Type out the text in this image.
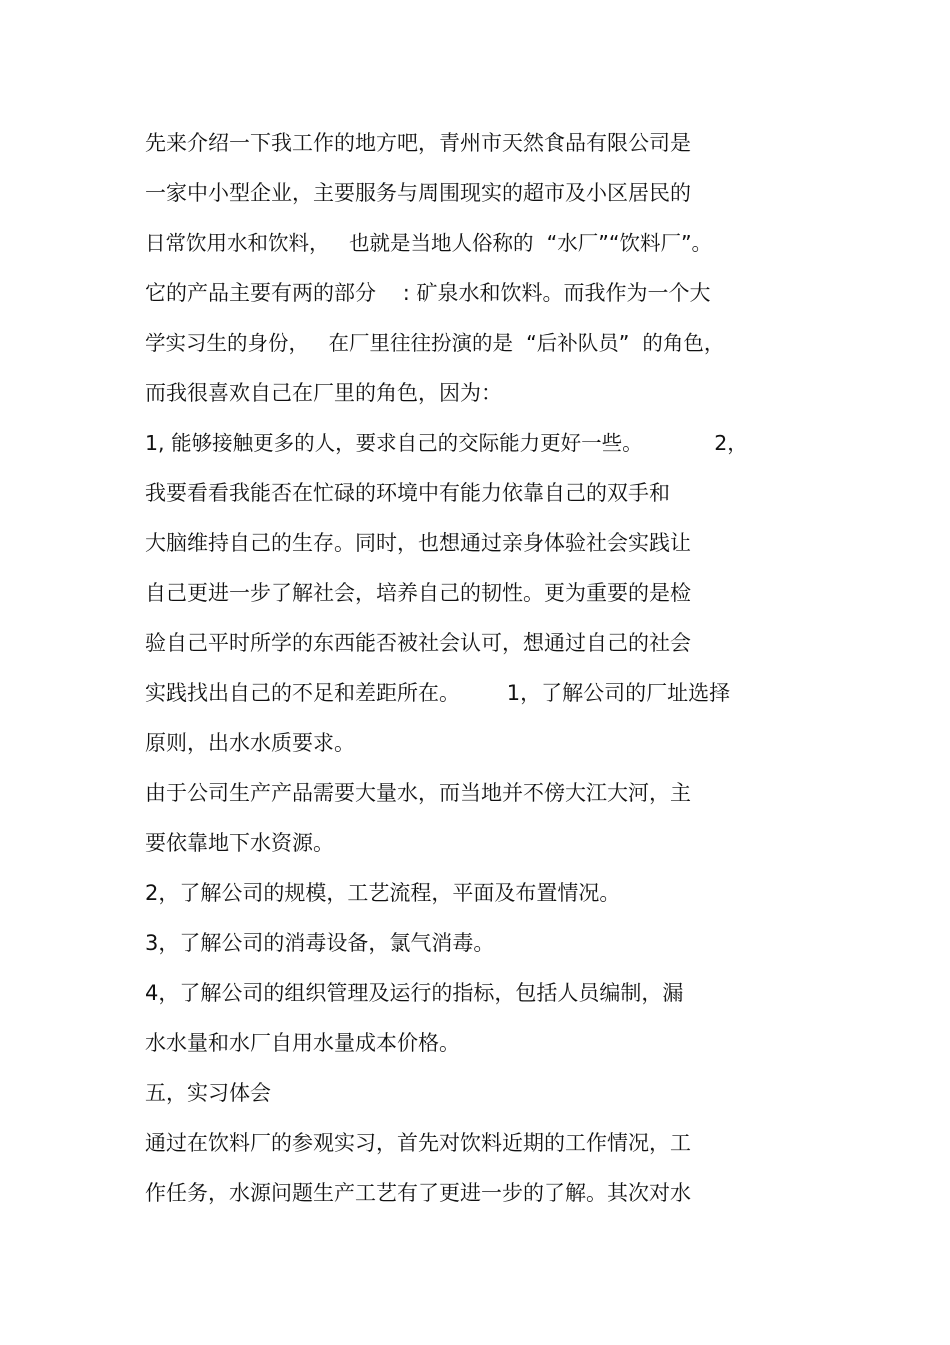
先来介绍一下我工作的地方吧，青州市天然食品有限公司是
一家中小型企业，主要服务与周围现实的超市及小区居民的
日常饮用水和饮料，   也就是当地人俗称的  “水厂”“饮料厂”。
它的产品主要有两的部分    : 矿泉水和饮料。而我作为一个大
学实习生的身份，   在厂里往往扮演的是  “后补队员”  的角色，
而我很喜欢自己在厂里的角色，因为：
1, 能够接触更多的人，要求自己的交际能力更好一些。           2，
我要看看我能否在忙碌的环境中有能力依靠自己的双手和
大脑维持自己的生存。同时，也想通过亲身体验社会实践让
自己更进一步了解社会，培养自己的韧性。更为重要的是检
验自己平时所学的东西能否被社会认可，想通过自己的社会
实践找出自己的不足和差距所在。       1，了解公司的厂址选择
原则，出水水质要求。
由于公司生产产品需要大量水，而当地并不傍大江大河，主
要依靠地下水资源。
2，了解公司的规模，工艺流程，平面及布置情况。
3，了解公司的消毒设备，氯气消毒。
4，了解公司的组织管理及运行的指标，包括人员编制，漏
水水量和水厂自用水量成本价格。
五，实习体会
通过在饮料厂的参观实习，首先对饮料近期的工作情况，工
作任务，水源问题生产工艺有了更进一步的了解。其次对水
